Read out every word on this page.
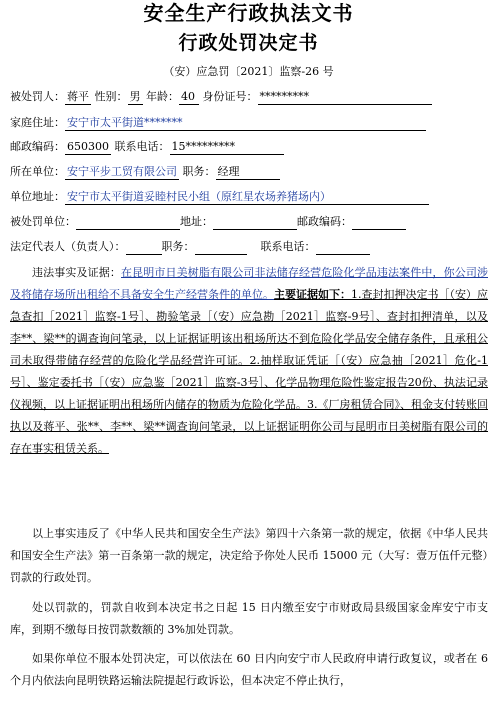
安全生产行政执法文书
行政处罚决定书
（安）应急罚〔2021〕监察-26 号
被处罚人： 蒋平 性别： 男 年龄： 40 身份证号： *********
家庭住址： 安宁市太平街道*******
邮政编码： 650300 联系电话： 15*********
所在单位： 安宁平步工贸有限公司 职务： 经理
单位地址： 安宁市太平街道妥睦村民小组（原红星农场养猪场内）
被处罚单位：	地址：	邮政编码：
法定代表人（负责人）：	职务：	联系电话：
违法事实及证据：在昆明市日美树脂有限公司非法储存经营危险化学品违法案件中，你公司涉及将储存场所出租给不具备安全生产经营条件的单位。主要证据如下：1.查封扣押决定书［（安）应急查扣［2021］监察-1号］、勘验笔录［（安）应急勘［2021］监察-9号］、查封扣押清单，以及李**、梁**的调查询问笔录，以上证据证明该出租场所达不到危险化学品安全储存条件，且承租公司未取得带储存经营的危险化学品经营许可证。2.抽样取证凭证［（安）应急抽［2021］危化-1号］、鉴定委托书［（安）应急鉴［2021］监察-3号］、化学品物理危险性鉴定报告20份、执法记录仪视频，以上证据证明出租场所内储存的物质为危险化学品。3.《厂房租赁合同》、租金支付转账回执以及蒋平、张**、李**、梁**调查询问笔录，以上证据证明你公司与昆明市日美树脂有限公司的存在事实租赁关系。
以上事实违反了《中华人民共和国安全生产法》第四十六条第一款的规定，依据《中华人民共和国安全生产法》第一百条第一款的规定，决定给予你处人民币 15000 元（大写：壹万伍仟元整）罚款的行政处罚。
处以罚款的，罚款自收到本决定书之日起 15 日内缴至安宁市财政局县级国家金库安宁市支库，到期不缴每日按罚款数额的 3%加处罚款。
如果你单位不服本处罚决定，可以依法在 60 日内向安宁市人民政府申请行政复议，或者在 6 个月内依法向昆明铁路运输法院提起行政诉讼，但本决定不停止执行，
